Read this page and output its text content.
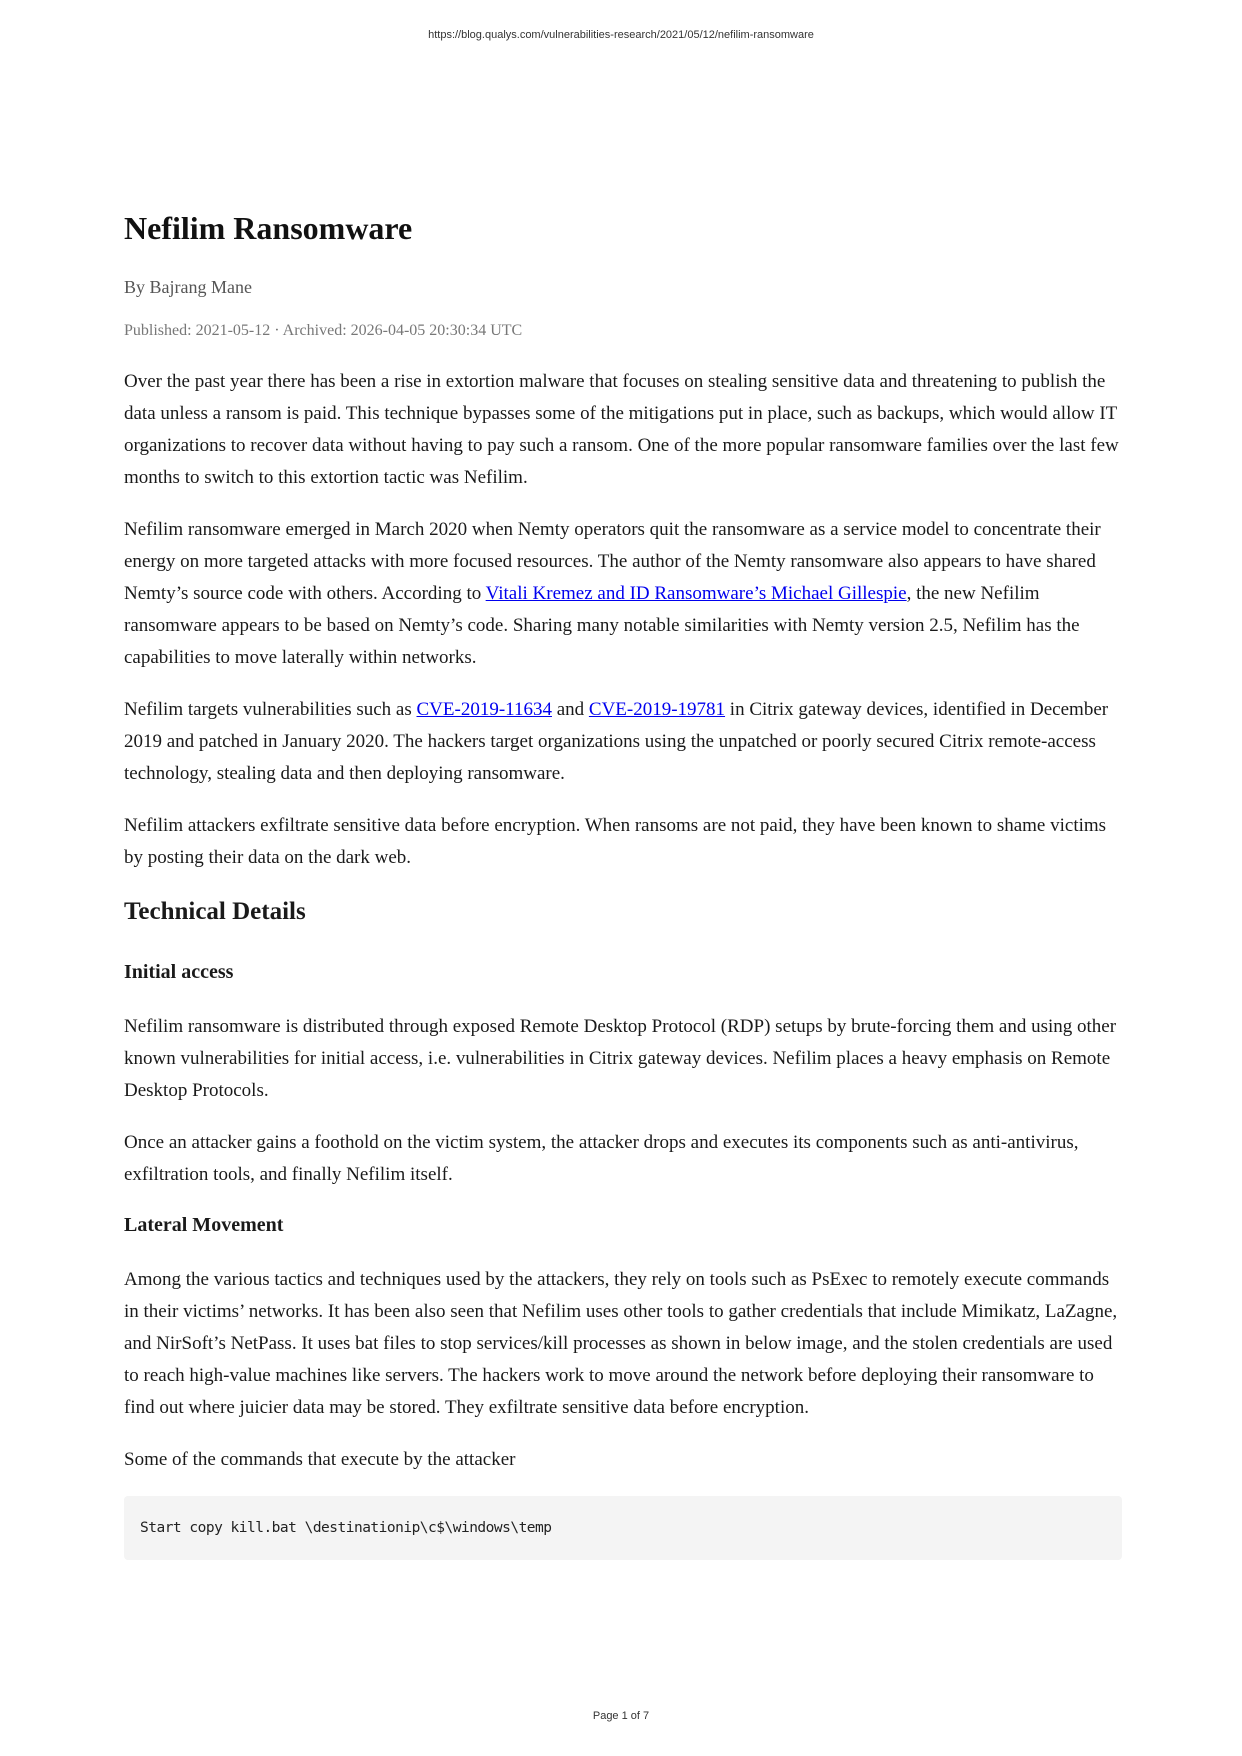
https://blog.qualys.com/vulnerabilities-research/2021/05/12/nefilim-ransomware
Nefilim Ransomware
By Bajrang Mane
Published: 2021-05-12 · Archived: 2026-04-05 20:30:34 UTC

Over the past year there has been a rise in extortion malware that focuses on stealing sensitive data and threatening to publish the data unless a ransom is paid. This technique bypasses some of the mitigations put in place, such as backups, which would allow IT organizations to recover data without having to pay such a ransom. One of the more popular ransomware families over the last few months to switch to this extortion tactic was Nefilim.

Nefilim ransomware emerged in March 2020 when Nemty operators quit the ransomware as a service model to concentrate their energy on more targeted attacks with more focused resources. The author of the Nemty ransomware also appears to have shared Nemty’s source code with others. According to Vitali Kremez and ID Ransomware’s Michael Gillespie, the new Nefilim ransomware appears to be based on Nemty’s code. Sharing many notable similarities with Nemty version 2.5, Nefilim has the capabilities to move laterally within networks.

Nefilim targets vulnerabilities such as CVE-2019-11634 and CVE-2019-19781 in Citrix gateway devices, identified in December 2019 and patched in January 2020. The hackers target organizations using the unpatched or poorly secured Citrix remote-access technology, stealing data and then deploying ransomware.

Nefilim attackers exfiltrate sensitive data before encryption. When ransoms are not paid, they have been known to shame victims by posting their data on the dark web.

Technical Details
Initial access

Nefilim ransomware is distributed through exposed Remote Desktop Protocol (RDP) setups by brute-forcing them and using other known vulnerabilities for initial access, i.e. vulnerabilities in Citrix gateway devices. Nefilim places a heavy emphasis on Remote Desktop Protocols.

Once an attacker gains a foothold on the victim system, the attacker drops and executes its components such as anti-antivirus, exfiltration tools, and finally Nefilim itself.

Lateral Movement

Among the various tactics and techniques used by the attackers, they rely on tools such as PsExec to remotely execute commands in their victims’ networks. It has been also seen that Nefilim uses other tools to gather credentials that include Mimikatz, LaZagne, and NirSoft’s NetPass. It uses bat files to stop services/kill processes as shown in below image, and the stolen credentials are used to reach high-value machines like servers. The hackers work to move around the network before deploying their ransomware to find out where juicier data may be stored. They exfiltrate sensitive data before encryption.

Some of the commands that execute by the attacker

Start copy kill.bat \destinationip\c$\windows\temp
Page 1 of 7
